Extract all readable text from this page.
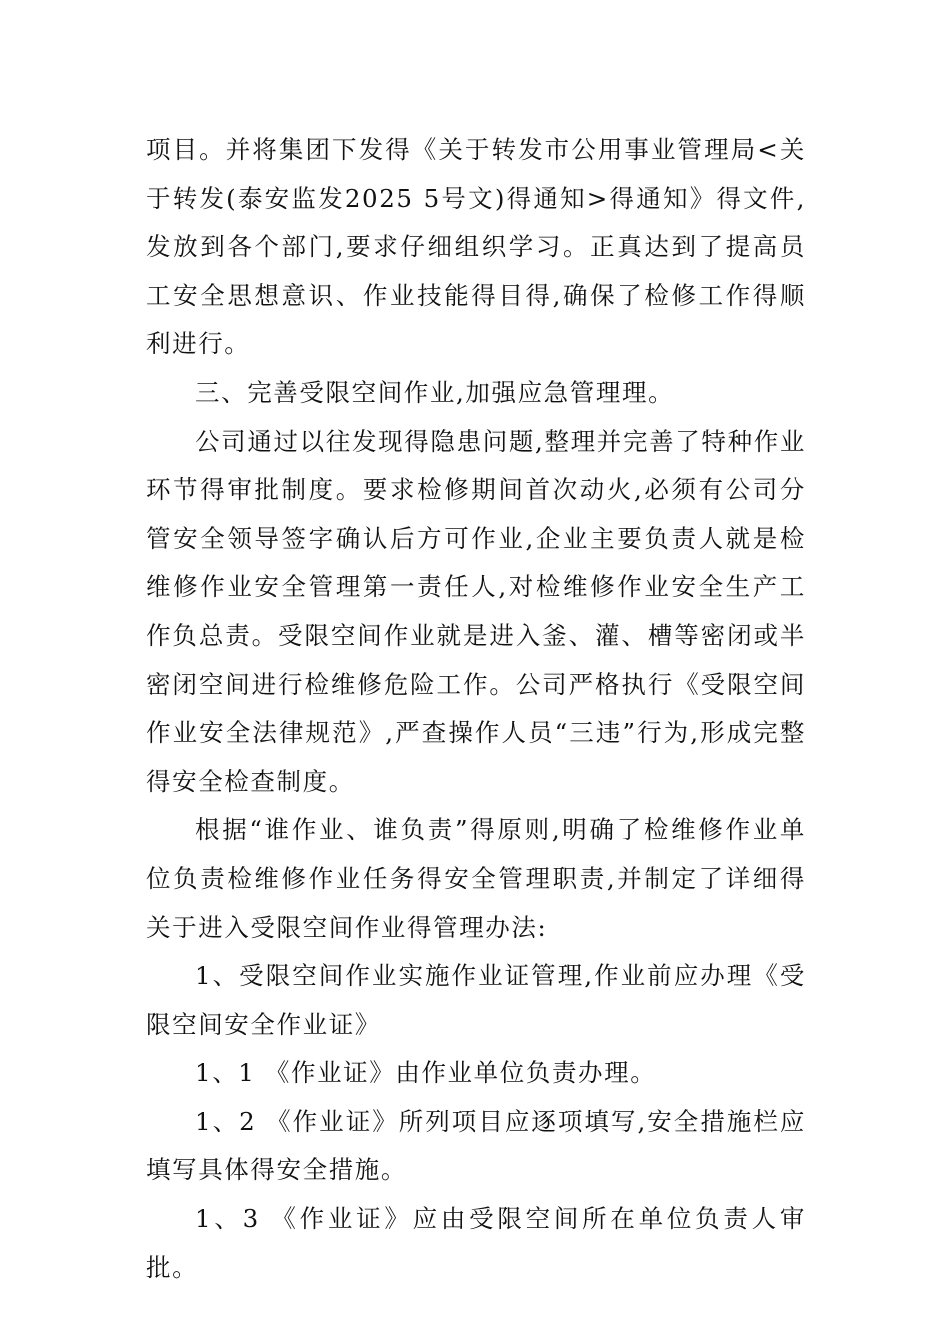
项目。并将集团下发得《关于转发市公用事业管理局<关于转发(泰安监发2025 5号文)得通知>得通知》得文件,发放到各个部门,要求仔细组织学习。正真达到了提高员工安全思想意识、作业技能得目得,确保了检修工作得顺利进行。

三、完善受限空间作业,加强应急管理理。

公司通过以往发现得隐患问题,整理并完善了特种作业环节得审批制度。要求检修期间首次动火,必须有公司分管安全领导签字确认后方可作业,企业主要负责人就是检维修作业安全管理第一责任人,对检维修作业安全生产工作负总责。受限空间作业就是进入釜、灌、槽等密闭或半密闭空间进行检维修危险工作。公司严格执行《受限空间作业安全法律规范》,严查操作人员“三违”行为,形成完整得安全检查制度。

根据“谁作业、谁负责”得原则,明确了检维修作业单位负责检维修作业任务得安全管理职责,并制定了详细得关于进入受限空间作业得管理办法:

1、受限空间作业实施作业证管理,作业前应办理《受限空间安全作业证》

1、1 《作业证》由作业单位负责办理。

1、2 《作业证》所列项目应逐项填写,安全措施栏应填写具体得安全措施。

1、3 《作业证》应由受限空间所在单位负责人审批。
